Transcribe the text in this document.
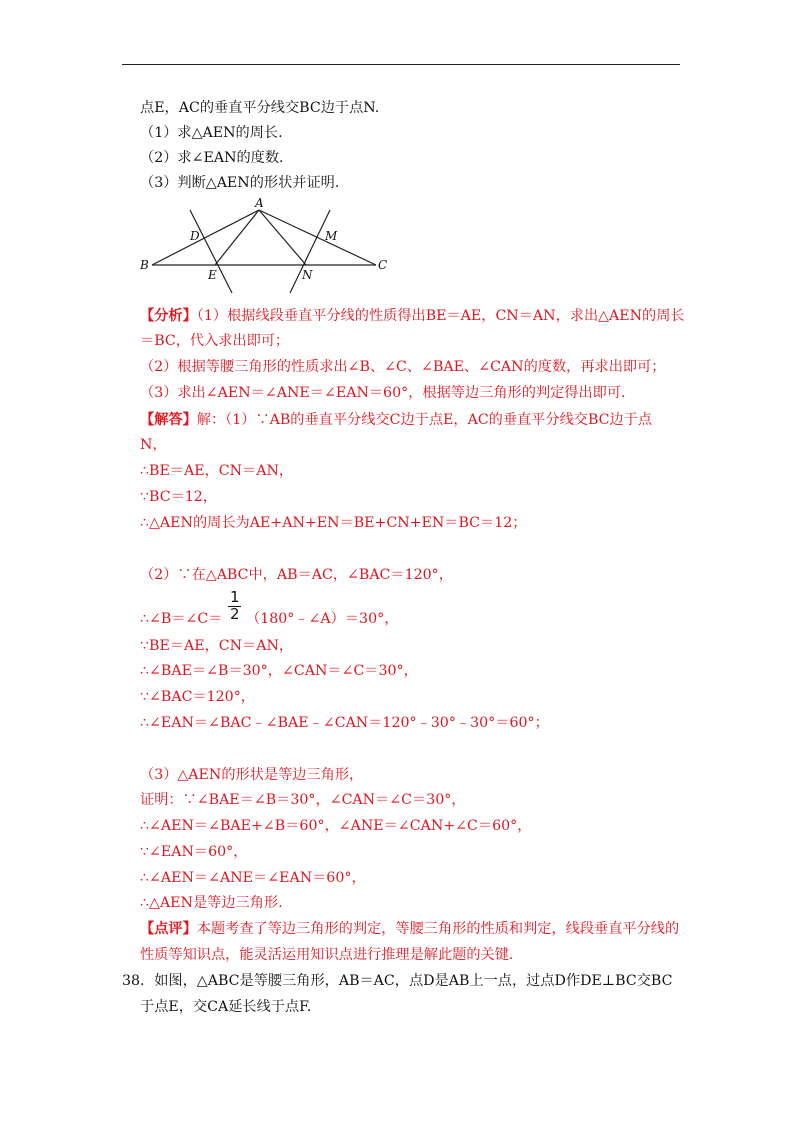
点E，AC的垂直平分线交BC边于点N.
（1）求△AEN的周长.
（2）求∠EAN的度数.
（3）判断△AEN的形状并证明.
A
B	C
D
E
M
N
【分析】（1）根据线段垂直平分线的性质得出BE＝AE，CN＝AN，求出△AEN的周长
＝BC，代入求出即可；
（2）根据等腰三角形的性质求出∠B、∠C、∠BAE、∠CAN的度数，再求出即可；
（3）求出∠AEN＝∠ANE＝∠EAN＝60°，根据等边三角形的判定得出即可.
【解答】解：（1）∵AB的垂直平分线交C边于点E，AC的垂直平分线交BC边于点
N，
∴BE＝AE，CN＝AN，
∵BC＝12，
∴△AEN的周长为AE+AN+EN＝BE+CN+EN＝BC＝12；
（2）∵在△ABC中，AB＝AC，∠BAC＝120°，
1
2
∴∠B＝∠C＝ （180°﹣∠A）＝30°，
∵BE＝AE，CN＝AN，
∴∠BAE＝∠B＝30°，∠CAN＝∠C＝30°，
∵∠BAC＝120°，
∴∠EAN＝∠BAC﹣∠BAE﹣∠CAN＝120°﹣30°﹣30°＝60°；
（3）△AEN的形状是等边三角形，
证明：∵∠BAE＝∠B＝30°，∠CAN＝∠C＝30°，
∴∠AEN＝∠BAE+∠B＝60°，∠ANE＝∠CAN+∠C＝60°，
∵∠EAN＝60°，
∴∠AEN＝∠ANE＝∠EAN＝60°，
∴△AEN是等边三角形.
【点评】本题考查了等边三角形的判定，等腰三角形的性质和判定，线段垂直平分线的
性质等知识点，能灵活运用知识点进行推理是解此题的关键.
38．如图，△ABC是等腰三角形，AB＝AC，点D是AB上一点，过点D作DE⊥BC交BC
于点E，交CA延长线于点F.
